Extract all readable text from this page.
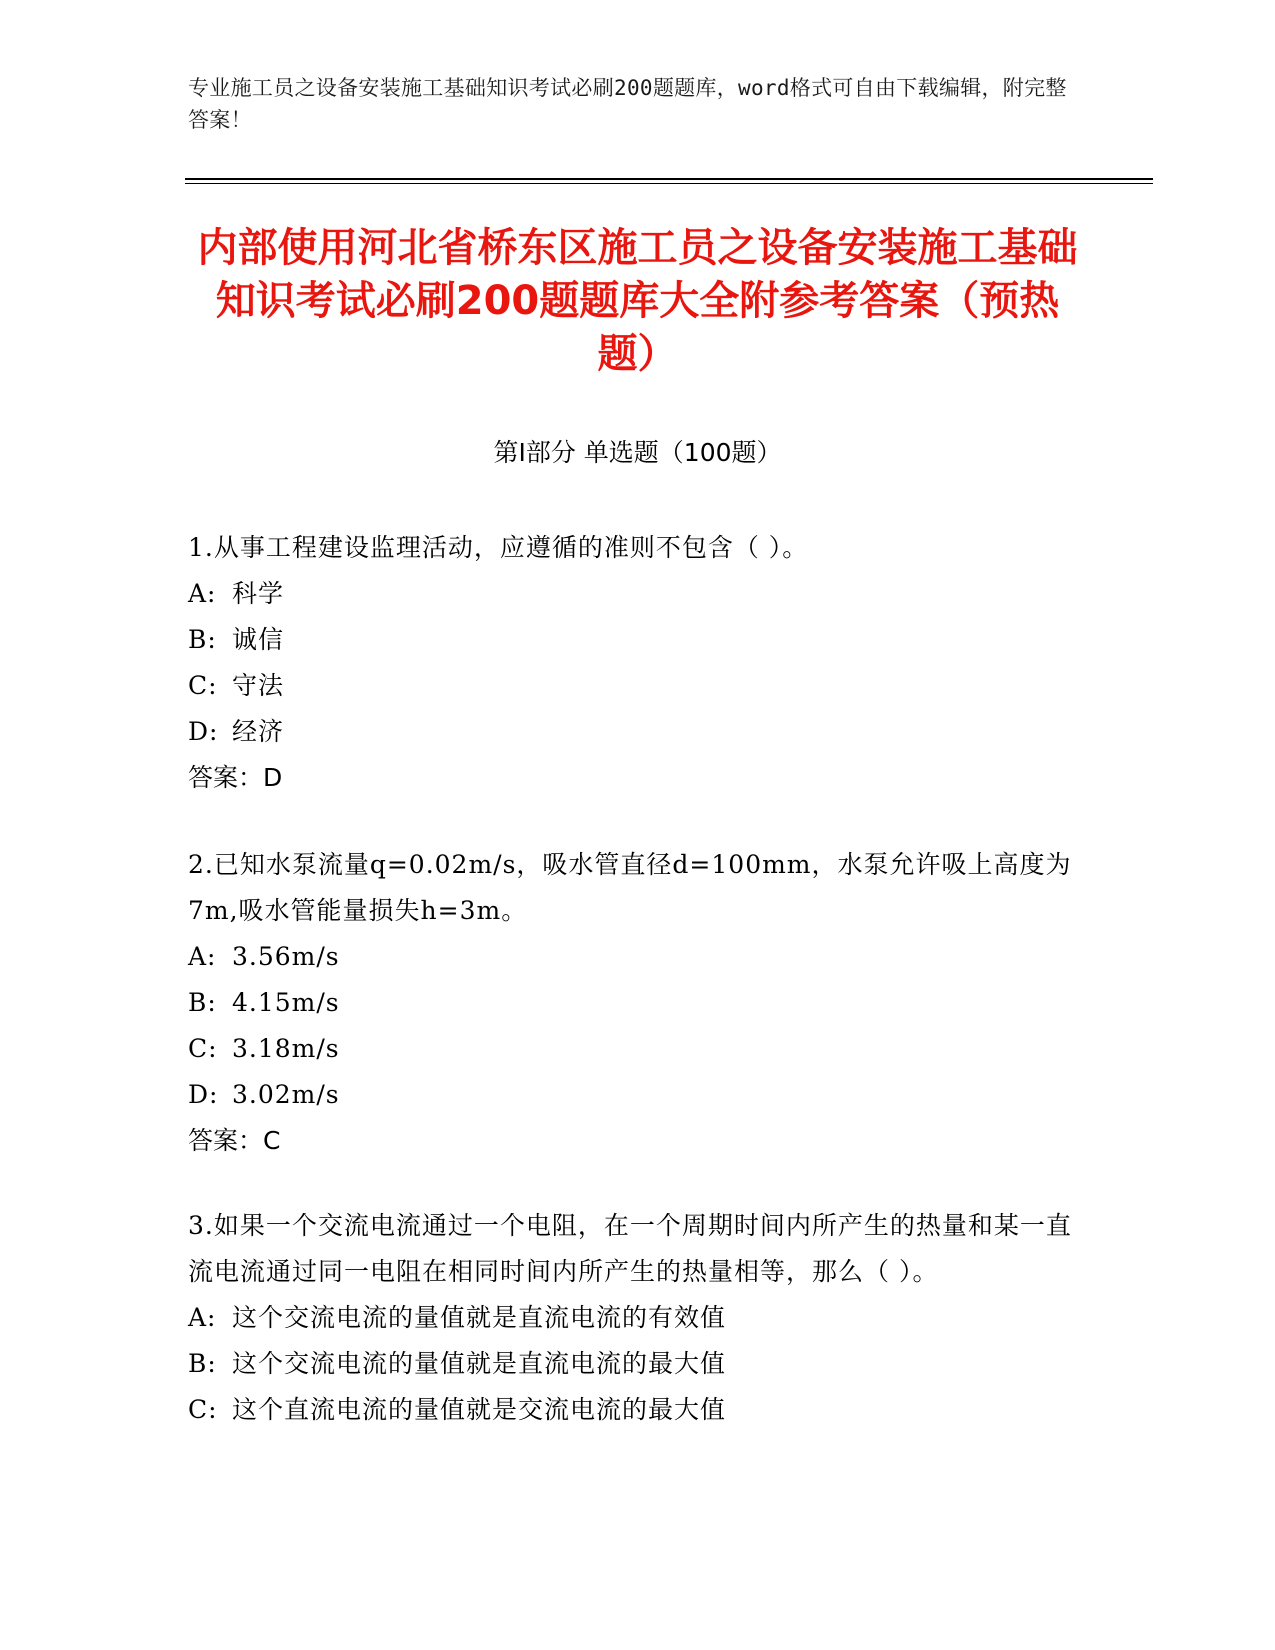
专业施工员之设备安装施工基础知识考试必刷200题题库，word格式可自由下载编辑，附完整答案！
内部使用河北省桥东区施工员之设备安装施工基础知识考试必刷200题题库大全附参考答案（预热题）
第Ⅰ部分 单选题（100题）

1.从事工程建设监理活动，应遵循的准则不包含（ ）。

A: 科学

B: 诚信

C: 守法

D: 经济

答案：D

2.已知水泵流量q=0.02m/s，吸水管直径d=100mm，水泵允许吸上高度为7m,吸水管能量损失h=3m。

A: 3.56m/s

B: 4.15m/s

C: 3.18m/s

D: 3.02m/s

答案：C

3.如果一个交流电流通过一个电阻，在一个周期时间内所产生的热量和某一直流电流通过同一电阻在相同时间内所产生的热量相等，那么（ ）。

A: 这个交流电流的量值就是直流电流的有效值

B: 这个交流电流的量值就是直流电流的最大值

C: 这个直流电流的量值就是交流电流的最大值
